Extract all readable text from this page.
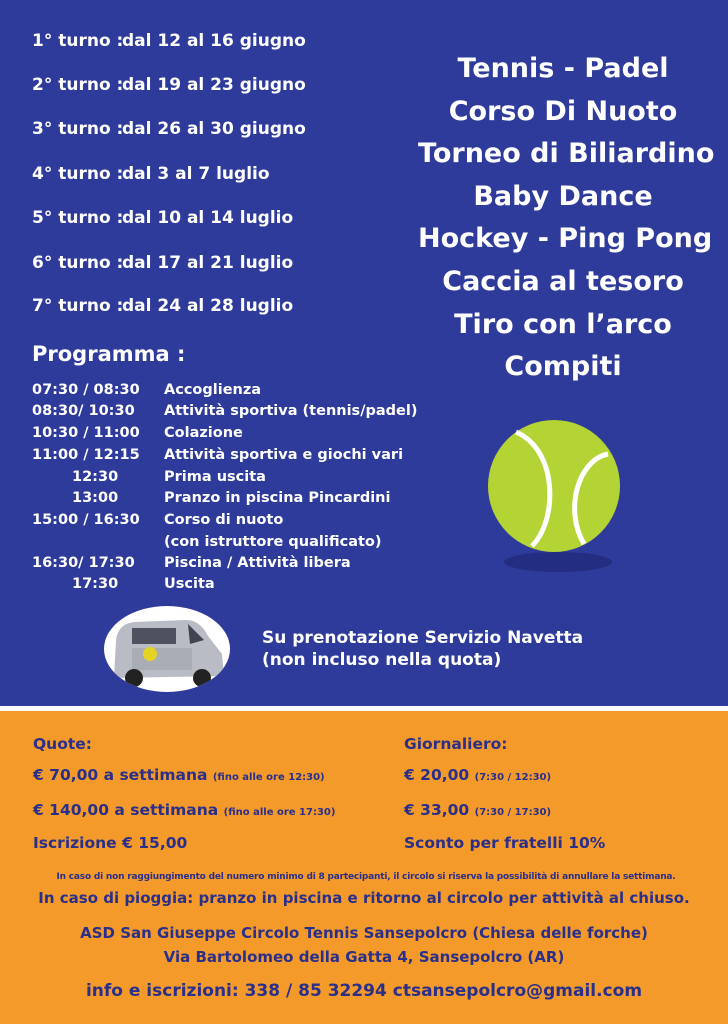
1° turno :dal 12 al 16 giugno
2° turno :dal 19 al 23 giugno
3° turno :dal 26 al 30 giugno
4° turno :dal 3 al 7 luglio
5° turno :dal 10 al 14 luglio
6° turno :dal 17 al 21 luglio
7° turno :dal 24 al 28 luglio
Tennis - Padel
Corso Di Nuoto
Torneo di Biliardino
Baby Dance
Hockey - Ping Pong
Caccia al tesoro
Tiro con l’arco
Compiti
Programma :
07:30 / 08:30 Accoglienza
08:30/ 10:30 Attività sportiva (tennis/padel)
10:30 / 11:00 Colazione
11:00 / 12:15 Attività sportiva e giochi vari
12:30	Prima uscita
13:00	Pranzo in piscina Pincardini
15:00 / 16:30 Corso di nuoto
(con istruttore qualificato)
16:30/ 17:30 Piscina / Attività libera
17:30	Uscita
Su prenotazione Servizio Navetta
(non incluso nella quota)
Quote:
€ 70,00 a settimana (fino alle ore 12:30)
€ 140,00 a settimana (fino alle ore 17:30)
Iscrizione € 15,00
Giornaliero:
€ 20,00 (7:30 / 12:30)
€ 33,00 (7:30 / 17:30)
Sconto per fratelli 10%
In caso di non raggiungimento del numero minimo di 8 partecipanti, il circolo si riserva la possibilità di annullare la settimana.
In caso di pioggia: pranzo in piscina e ritorno al circolo per attività al chiuso.
ASD San Giuseppe Circolo Tennis Sansepolcro (Chiesa delle forche)
Via Bartolomeo della Gatta 4, Sansepolcro (AR)
info e iscrizioni: 338 / 85 32294 ctsansepolcro@gmail.com
